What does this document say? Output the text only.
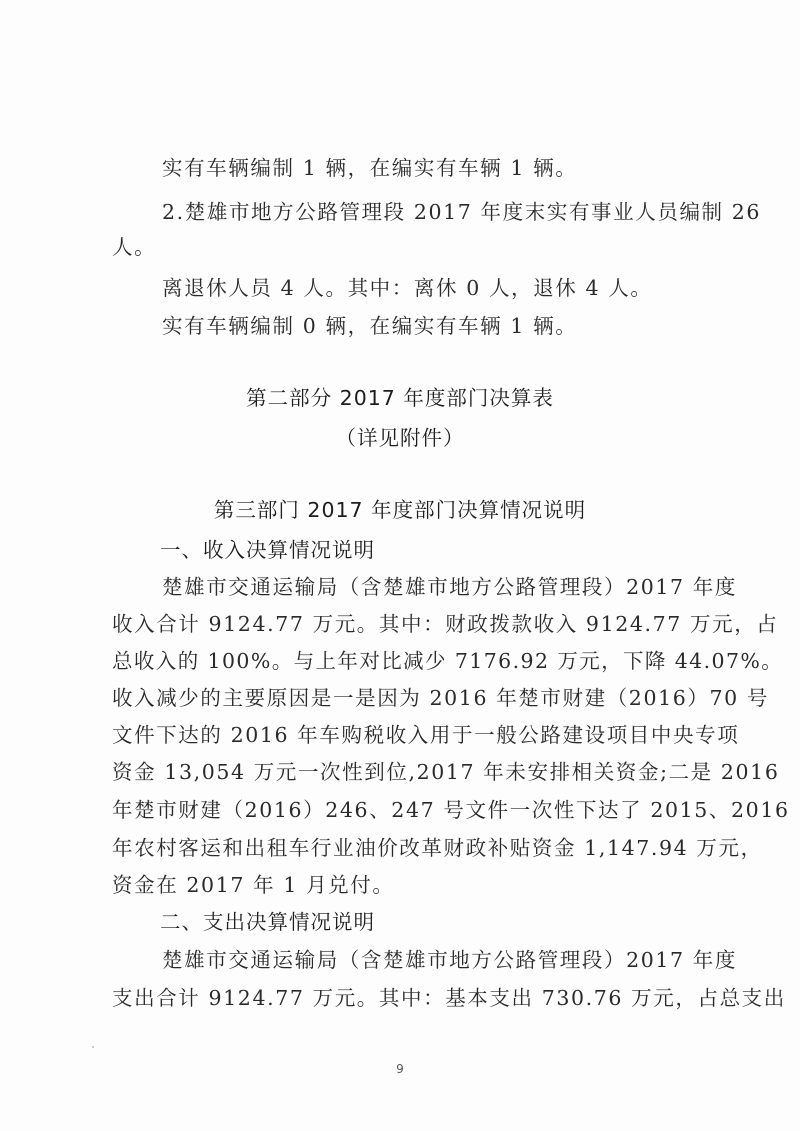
实有车辆编制 1 辆，在编实有车辆 1 辆。
2.楚雄市地方公路管理段 2017 年度末实有事业人员编制 26
人。
离退休人员 4 人。其中：离休 0 人，退休 4 人。
实有车辆编制 0 辆，在编实有车辆 1 辆。
第二部分 2017 年度部门决算表
（详见附件）
第三部门 2017 年度部门决算情况说明
一、收入决算情况说明
楚雄市交通运输局（含楚雄市地方公路管理段）2017 年度
收入合计 9124.77 万元。其中：财政拨款收入 9124.77 万元，占
总收入的 100%。与上年对比减少 7176.92 万元，下降 44.07%。
收入减少的主要原因是一是因为 2016 年楚市财建（2016）70 号
文件下达的 2016 年车购税收入用于一般公路建设项目中央专项
资金 13,054 万元一次性到位,2017 年未安排相关资金;二是 2016
年楚市财建（2016）246、247 号文件一次性下达了 2015、2016
年农村客运和出租车行业油价改革财政补贴资金 1,147.94 万元，
资金在 2017 年 1 月兑付。
二、支出决算情况说明
楚雄市交通运输局（含楚雄市地方公路管理段）2017 年度
支出合计 9124.77 万元。其中：基本支出 730.76 万元，占总支出
9
